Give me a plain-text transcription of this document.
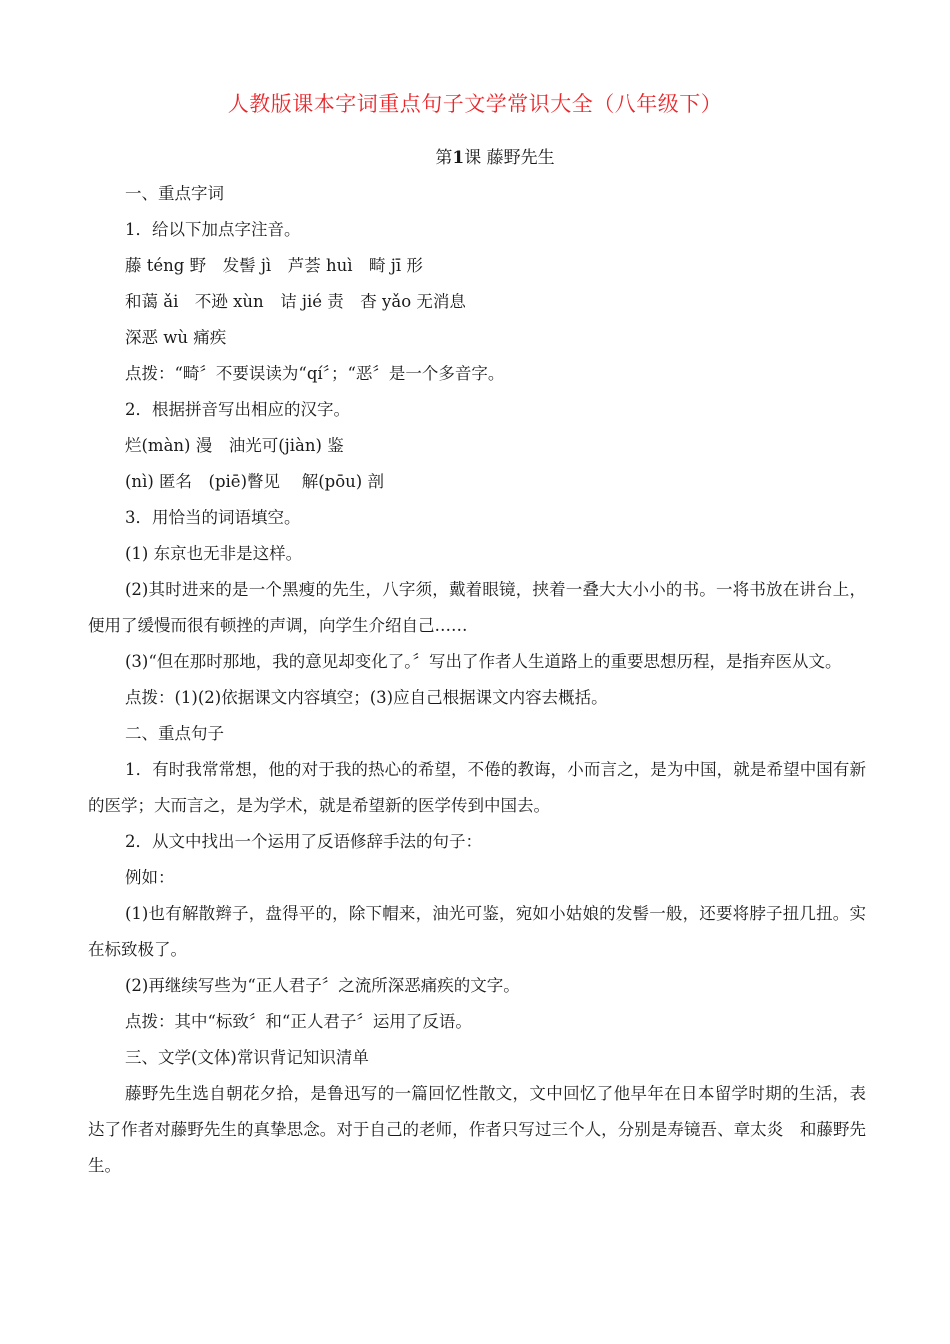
人教版课本字词重点句子文学常识大全（八年级下）
第1课 藤野先生

一、重点字词

1．给以下加点字注音。

藤 téng 野　发髻 jì　芦荟 huì　畸 jī 形

和蔼 ǎi　不逊 xùn　诘 jié 责　杳 yǎo 无消息

深恶 wù 痛疾

点拨：“畸〞不要误读为“qí〞；“恶〞是一个多音字。

2．根据拼音写出相应的汉字。

烂(màn) 漫　油光可(jiàn) 鉴

(nì) 匿名　(piē)瞥见　 解(pōu) 剖

3．用恰当的词语填空。

(1) 东京也无非是这样。

(2)其时进来的是一个黑瘦的先生，八字须，戴着眼镜，挟着一叠大大小小的书。一将书放在讲台上，便用了缓慢而很有顿挫的声调，向学生介绍自己……

(3)“但在那时那地，我的意见却变化了。〞写出了作者人生道路上的重要思想历程，是指弃医从文。

点拨：(1)(2)依据课文内容填空；(3)应自己根据课文内容去概括。

二、重点句子

1．有时我常常想，他的对于我的热心的希望，不倦的教诲，小而言之，是为中国，就是希望中国有新的医学；大而言之，是为学术，就是希望新的医学传到中国去。

2．从文中找出一个运用了反语修辞手法的句子：

例如：

(1)也有解散辫子，盘得平的，除下帽来，油光可鉴，宛如小姑娘的发髻一般，还要将脖子扭几扭。实在标致极了。

(2)再继续写些为“正人君子〞之流所深恶痛疾的文字。

点拨：其中“标致〞和“正人君子〞运用了反语。

三、文学(文体)常识背记知识清单

藤野先生选自朝花夕拾，是鲁迅写的一篇回忆性散文，文中回忆了他早年在日本留学时期的生活，表达了作者对藤野先生的真挚思念。对于自己的老师，作者只写过三个人，分别是寿镜吾、章太炎　和藤野先生。
